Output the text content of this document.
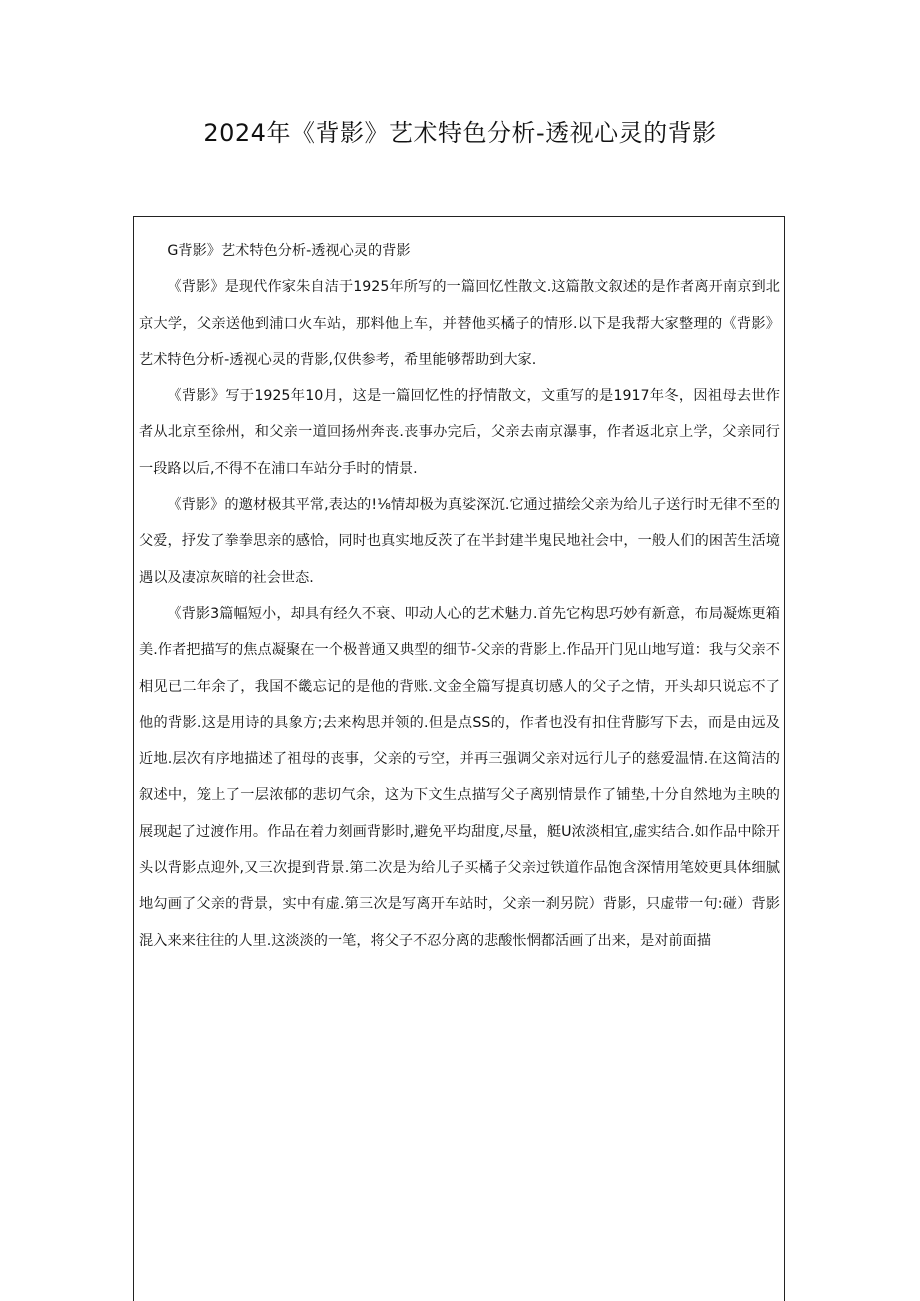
2024年《背影》艺术特色分析-透视心灵的背影

G背影》艺术特色分析-透视心灵的背影

《背影》是现代作家朱自洁于1925年所写的一篇回忆性散文.这篇散文叙述的是作者离开南京到北京大学，父亲送他到浦口火车站，那料他上车，并替他买橘子的情形.以下是我帮大家整理的《背影》艺术特色分析-透视心灵的背影,仅供参考，希里能够帮助到大家.

《背影》写于1925年10月，这是一篇回忆性的抒情散文，文重写的是1917年冬，因祖母去世作者从北京至徐州，和父亲一道回扬州奔丧.丧事办完后，父亲去南京瀑事，作者返北京上学，父亲同行一段路以后,不得不在浦口车站分手时的情景.

《背影》的邀材极其平常,表达的!⅛情却极为真娑深沉.它通过描绘父亲为给儿子送行时无律不至的父爱，抒发了拳拳思亲的感恰，同时也真实地反茨了在半封建半鬼民地社会中，一般人们的困苦生活境遇以及凄凉灰暗的社会世态.

《背影3篇幅短小，却具有经久不衰、叩动人心的艺术魅力.首先它构思巧妙有新意，布局凝炼更箱美.作者把描写的焦点凝聚在一个极普通又典型的细节-父亲的背影上.作品开门见山地写道：我与父亲不相见已二年余了，我国不畿忘记的是他的背账.文金全篇写提真切感人的父子之情，开头却只说忘不了他的背影.这是用诗的具象方;去来构思并领的.但是点SS的，作者也没有扣住背膨写下去，而是由远及近地.层次有序地描述了祖母的丧事，父亲的亏空，并再三强调父亲对远行儿子的慈爱温情.在这简洁的叙述中，笼上了一层浓郁的悲切气余，这为下文生点描写父子离别情景作了铺垫,十分自然地为主映的展现起了过渡作用。作品在着力刻画背影时,避免平均甜度,尽量，艇U浓淡相宜,虚实结合.如作品中除开头以背影点迎外,又三次提到背景.第二次是为给儿子买橘子父亲过铁道作品饱含深情用笔姣更具体细腻地勾画了父亲的背景，实中有虚.第三次是写离开车站时，父亲一刹另院）背影，只虚带一句:碰）背影混入来来往往的人里.这淡淡的一笔，将父子不忍分离的悲酸怅惘都活画了出来，是对前面描
